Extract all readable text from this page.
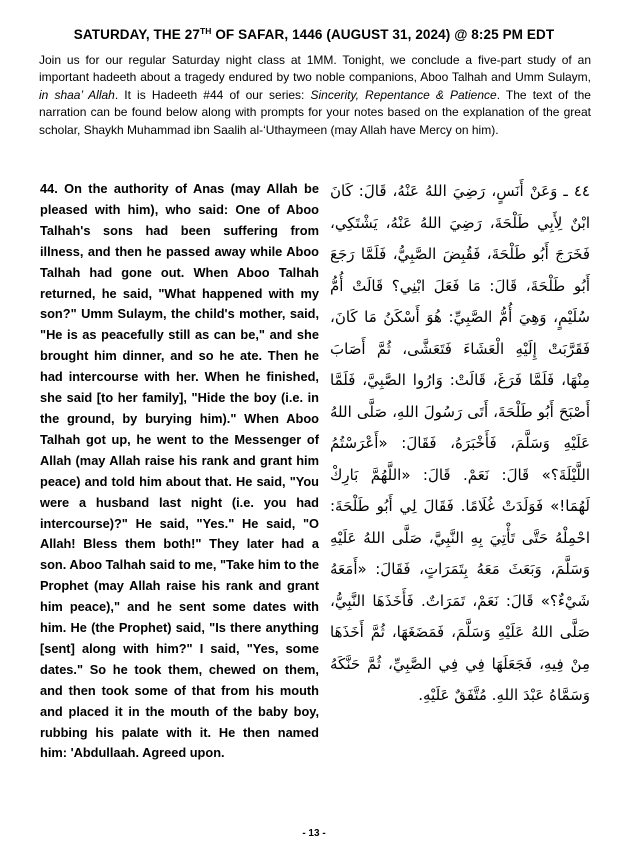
SATURDAY, THE 27TH OF SAFAR, 1446 (AUGUST 31, 2024) @ 8:25 PM EDT
Join us for our regular Saturday night class at 1MM. Tonight, we conclude a five-part study of an important hadeeth about a tragedy endured by two noble companions, Aboo Talhah and Umm Sulaym, in shaa’ Allah. It is Hadeeth #44 of our series: Sincerity, Repentance & Patience. The text of the narration can be found below along with prompts for your notes based on the explanation of the great scholar, Shaykh Muhammad ibn Saalih al-‘Uthaymeen (may Allah have Mercy on him).
44. On the authority of Anas (may Allah be pleased with him), who said: One of Aboo Talhah's sons had been suffering from illness, and then he passed away while Aboo Talhah had gone out. When Aboo Talhah returned, he said, "What happened with my son?" Umm Sulaym, the child's mother, said, "He is as peacefully still as can be," and she brought him dinner, and so he ate. Then he had intercourse with her. When he finished, she said [to her family], "Hide the boy (i.e. in the ground, by burying him)." When Aboo Talhah got up, he went to the Messenger of Allah (may Allah raise his rank and grant him peace) and told him about that. He said, "You were a husband last night (i.e. you had intercourse)?" He said, "Yes." He said, "O Allah! Bless them both!" They later had a son. Aboo Talhah said to me, "Take him to the Prophet (may Allah raise his rank and grant him peace)," and he sent some dates with him. He (the Prophet) said, "Is there anything [sent] along with him?" I said, "Yes, some dates." So he took them, chewed on them, and then took some of that from his mouth and placed it in the mouth of the baby boy, rubbing his palate with it. He then named him: 'Abdullaah. Agreed upon.
٤٤ ـ وَعَنْ أَنَسٍ، رَضِيَ اللهُ عَنْهُ، قَالَ: كَانَ ابْنٌ لِأَبِي طَلْحَةَ، رَضِيَ اللهُ عَنْهُ، يَشْتَكِي، فَخَرَجَ أَبُو طَلْحَةَ، فَقُبِضَ الصَّبِيُّ، فَلَمَّا رَجَعَ أَبُو طَلْحَةَ، قَالَ: مَا فَعَلَ ابْنِي؟ قَالَتْ أُمُّ سُلَيْمٍ، وَهِيَ أُمُّ الصَّبِيِّ: هُوَ أَسْكَنُ مَا كَانَ، فَقَرَّبَتْ إِلَيْهِ الْعَشَاءَ فَتَعَشَّى، ثُمَّ أَصَابَ مِنْهَا، فَلَمَّا فَرَغَ، قَالَتْ: وَارُوا الصَّبِيَّ، فَلَمَّا أَصْبَحَ أَبُو طَلْحَةَ، أَتَى رَسُولَ اللهِ، صَلَّى اللهُ عَلَيْهِ وَسَلَّمَ، فَأَخْبَرَهُ، فَقَالَ: «أَعْرَسْتُمُ اللَّيْلَةَ؟» قَالَ: نَعَمْ. قَالَ: «اللَّهُمَّ بَارِكْ لَهُمَا!» فَوَلَدَتْ غُلَامًا. فَقَالَ لِي أَبُو طَلْحَةَ: احْمِلْهُ حَتَّى تَأْتِيَ بِهِ النَّبِيَّ، صَلَّى اللهُ عَلَيْهِ وَسَلَّمَ، وَبَعَثَ مَعَهُ بِتَمَرَاتٍ، فَقَالَ: «أَمَعَهُ شَيْءٌ؟» قَالَ: نَعَمْ، تَمَرَاتٌ. فَأَخَذَهَا النَّبِيُّ، صَلَّى اللهُ عَلَيْهِ وَسَلَّمَ، فَمَضَغَهَا، ثُمَّ أَخَذَهَا مِنْ فِيهِ، فَجَعَلَهَا فِي فِي الصَّبِيِّ، ثُمَّ حَنَّكَهُ وَسَمَّاهُ عَبْدَ اللهِ. مُتَّفَقٌ عَلَيْهِ.
- 13 -
